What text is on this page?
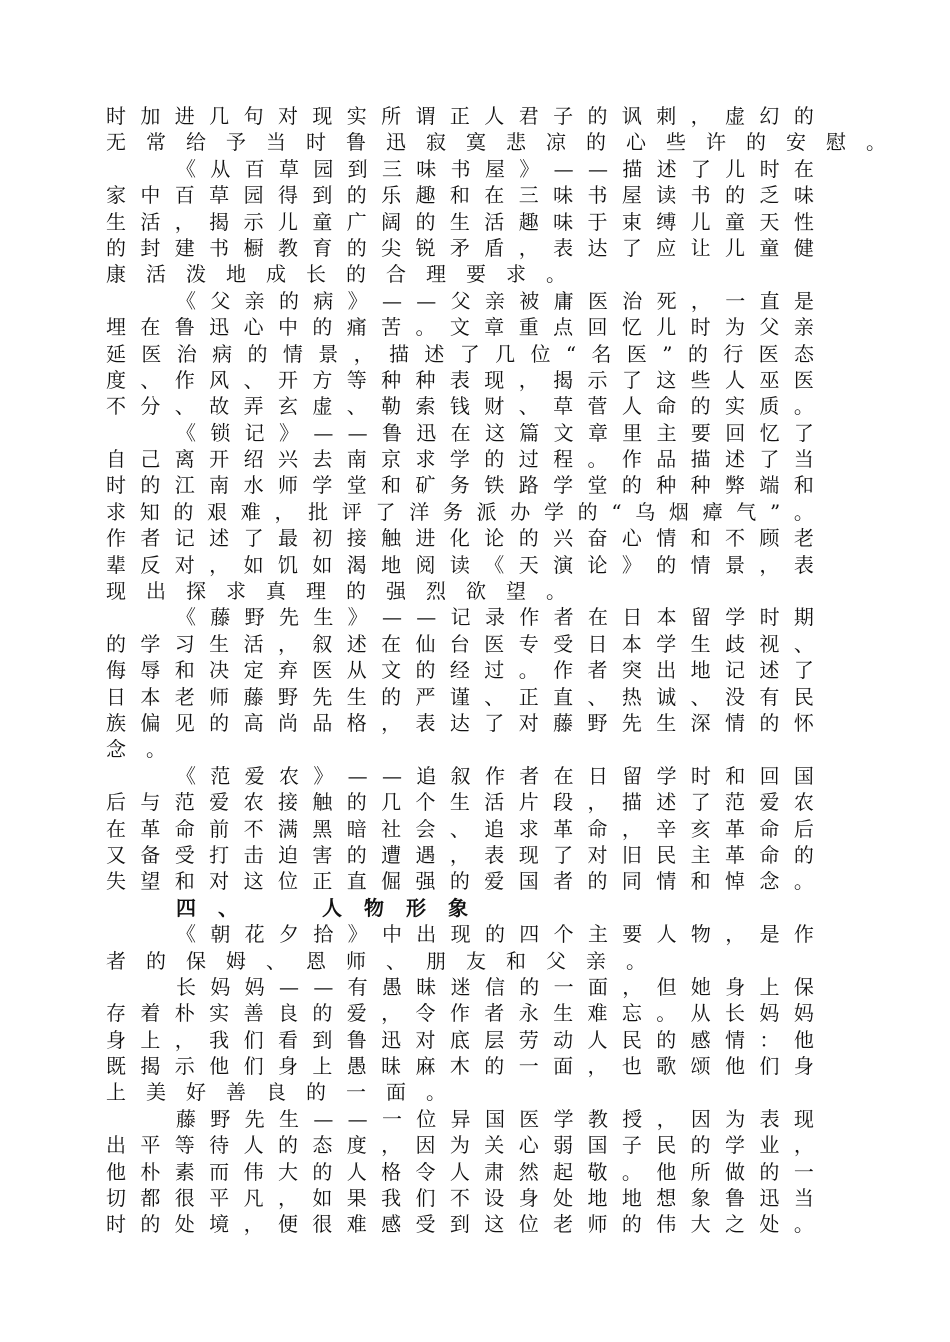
时 加 进 几 句 对 现 实 所 谓 正 人 君 子 的 讽 刺 ， 虚 幻 的
无 常 给 予 当 时 鲁 迅 寂 寞 悲 凉 的 心 些 许 的 安 慰 。
《 从 百 草 园 到 三 味 书 屋 》 — — 描 述 了 儿 时 在
家 中 百 草 园 得 到 的 乐 趣 和 在 三 味 书 屋 读 书 的 乏 味
生 活 ， 揭 示 儿 童 广 阔 的 生 活 趣 味 于 束 缚 儿 童 天 性
的 封 建 书 橱 教 育 的 尖 锐 矛 盾 ， 表 达 了 应 让 儿 童 健
康 活 泼 地 成 长 的 合 理 要 求 。
《 父 亲 的 病 》 — — 父 亲 被 庸 医 治 死 ， 一 直 是
埋 在 鲁 迅 心 中 的 痛 苦 。 文 章 重 点 回 忆 儿 时 为 父 亲
延 医 治 病 的 情 景 ， 描 述 了 几 位 “ 名 医 ” 的 行 医 态
度 、 作 风 、 开 方 等 种 种 表 现 ， 揭 示 了 这 些 人 巫 医
不 分 、 故 弄 玄 虚 、 勒 索 钱 财 、 草 菅 人 命 的 实 质 。
《 锁 记 》 — — 鲁 迅 在 这 篇 文 章 里 主 要 回 忆 了
自 己 离 开 绍 兴 去 南 京 求 学 的 过 程 。 作 品 描 述 了 当
时 的 江 南 水 师 学 堂 和 矿 务 铁 路 学 堂 的 种 种 弊 端 和
求 知 的 艰 难 ， 批 评 了 洋 务 派 办 学 的 “ 乌 烟 瘴 气 ” 。
作 者 记 述 了 最 初 接 触 进 化 论 的 兴 奋 心 情 和 不 顾 老
辈 反 对 ， 如 饥 如 渴 地 阅 读 《 天 演 论 》 的 情 景 ， 表
现 出 探 求 真 理 的 强 烈 欲 望 。
《 藤 野 先 生 》 — — 记 录 作 者 在 日 本 留 学 时 期
的 学 习 生 活 ， 叙 述 在 仙 台 医 专 受 日 本 学 生 歧 视 、
侮 辱 和 决 定 弃 医 从 文 的 经 过 。 作 者 突 出 地 记 述 了
日 本 老 师 藤 野 先 生 的 严 谨 、 正 直 、 热 诚 、 没 有 民
族 偏 见 的 高 尚 品 格 ， 表 达 了 对 藤 野 先 生 深 情 的 怀
念 。
《 范 爱 农 》 — — 追 叙 作 者 在 日 留 学 时 和 回 国
后 与 范 爱 农 接 触 的 几 个 生 活 片 段 ， 描 述 了 范 爱 农
在 革 命 前 不 满 黑 暗 社 会 、 追 求 革 命 ， 辛 亥 革 命 后
又 备 受 打 击 迫 害 的 遭 遇 ， 表 现 了 对 旧 民 主 革 命 的
失 望 和 对 这 位 正 直 倔 强 的 爱 国 者 的 同 情 和 悼 念 。
四 、	人 物 形 象
《 朝 花 夕 拾 》 中 出 现 的 四 个 主 要 人 物 ， 是 作
者 的 保 姆 、 恩 师 、 朋 友 和 父 亲 。
长 妈 妈 — — 有 愚 昧 迷 信 的 一 面 ， 但 她 身 上 保
存 着 朴 实 善 良 的 爱 ， 令 作 者 永 生 难 忘 。 从 长 妈 妈
身 上 ， 我 们 看 到 鲁 迅 对 底 层 劳 动 人 民 的 感 情 ： 他
既 揭 示 他 们 身 上 愚 昧 麻 木 的 一 面 ， 也 歌 颂 他 们 身
上 美 好 善 良 的 一 面 。
藤 野 先 生 — — 一 位 异 国 医 学 教 授 ， 因 为 表 现
出 平 等 待 人 的 态 度 ， 因 为 关 心 弱 国 子 民 的 学 业 ，
他 朴 素 而 伟 大 的 人 格 令 人 肃 然 起 敬 。 他 所 做 的 一
切 都 很 平 凡 ， 如 果 我 们 不 设 身 处 地 地 想 象 鲁 迅 当
时 的 处 境 ， 便 很 难 感 受 到 这 位 老 师 的 伟 大 之 处 。
